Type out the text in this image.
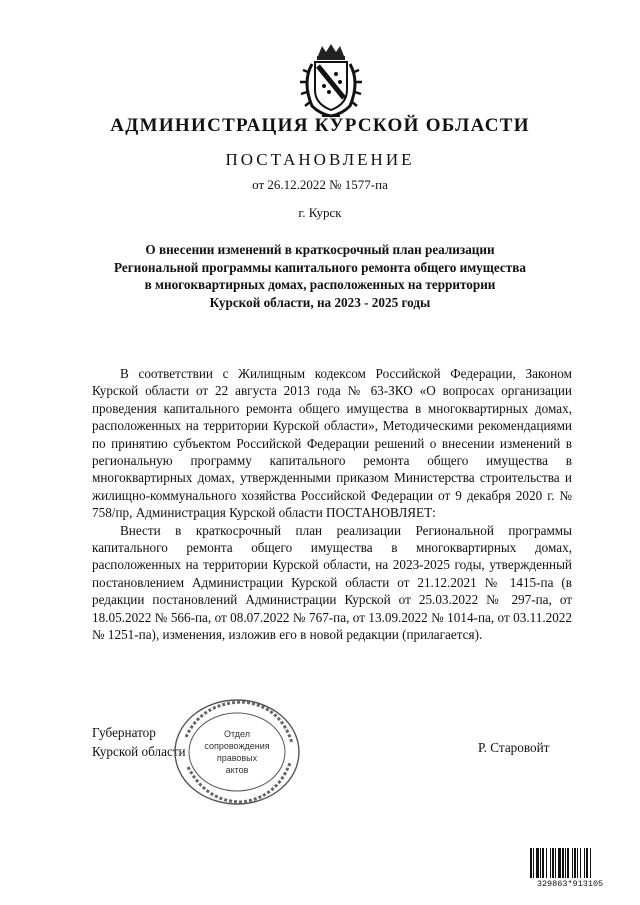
АДМИНИСТРАЦИЯ КУРСКОЙ ОБЛАСТИ
ПОСТАНОВЛЕНИЕ
от 26.12.2022 № 1577-па
г. Курск
О внесении изменений в краткосрочный план реализации
Региональной программы капитального ремонта общего имущества
в многоквартирных домах, расположенных на территории
Курской области, на 2023 - 2025 годы

В соответствии с Жилищным кодексом Российской Федерации, Законом Курской области от 22 августа 2013 года № 63-ЗКО «О вопросах организации проведения капитального ремонта общего имущества в многоквартирных домах, расположенных на территории Курской области», Методическими рекомендациями по принятию субъектом Российской Федерации решений о внесении изменений в региональную программу капитального ремонта общего имущества в многоквартирных домах, утвержденными приказом Министерства строительства и жилищно-коммунального хозяйства Российской Федерации от 9 декабря 2020 г. № 758/пр, Администрация Курской области ПОСТАНОВЛЯЕТ:

Внести в краткосрочный план реализации Региональной программы капитального ремонта общего имущества в многоквартирных домах, расположенных на территории Курской области, на 2023-2025 годы, утвержденный постановлением Администрации Курской области от 21.12.2021 № 1415-па (в редакции постановлений Администрации Курской от 25.03.2022 № 297-па, от 18.05.2022 № 566-па, от 08.07.2022 № 767-па, от 13.09.2022 № 1014-па, от 03.11.2022 № 1251-па), изменения, изложив его в новой редакции (прилагается).

Губернатор
Курской области	Р. Старовойт
Отдел
сопровождения
правовых
актов
329863*913105
